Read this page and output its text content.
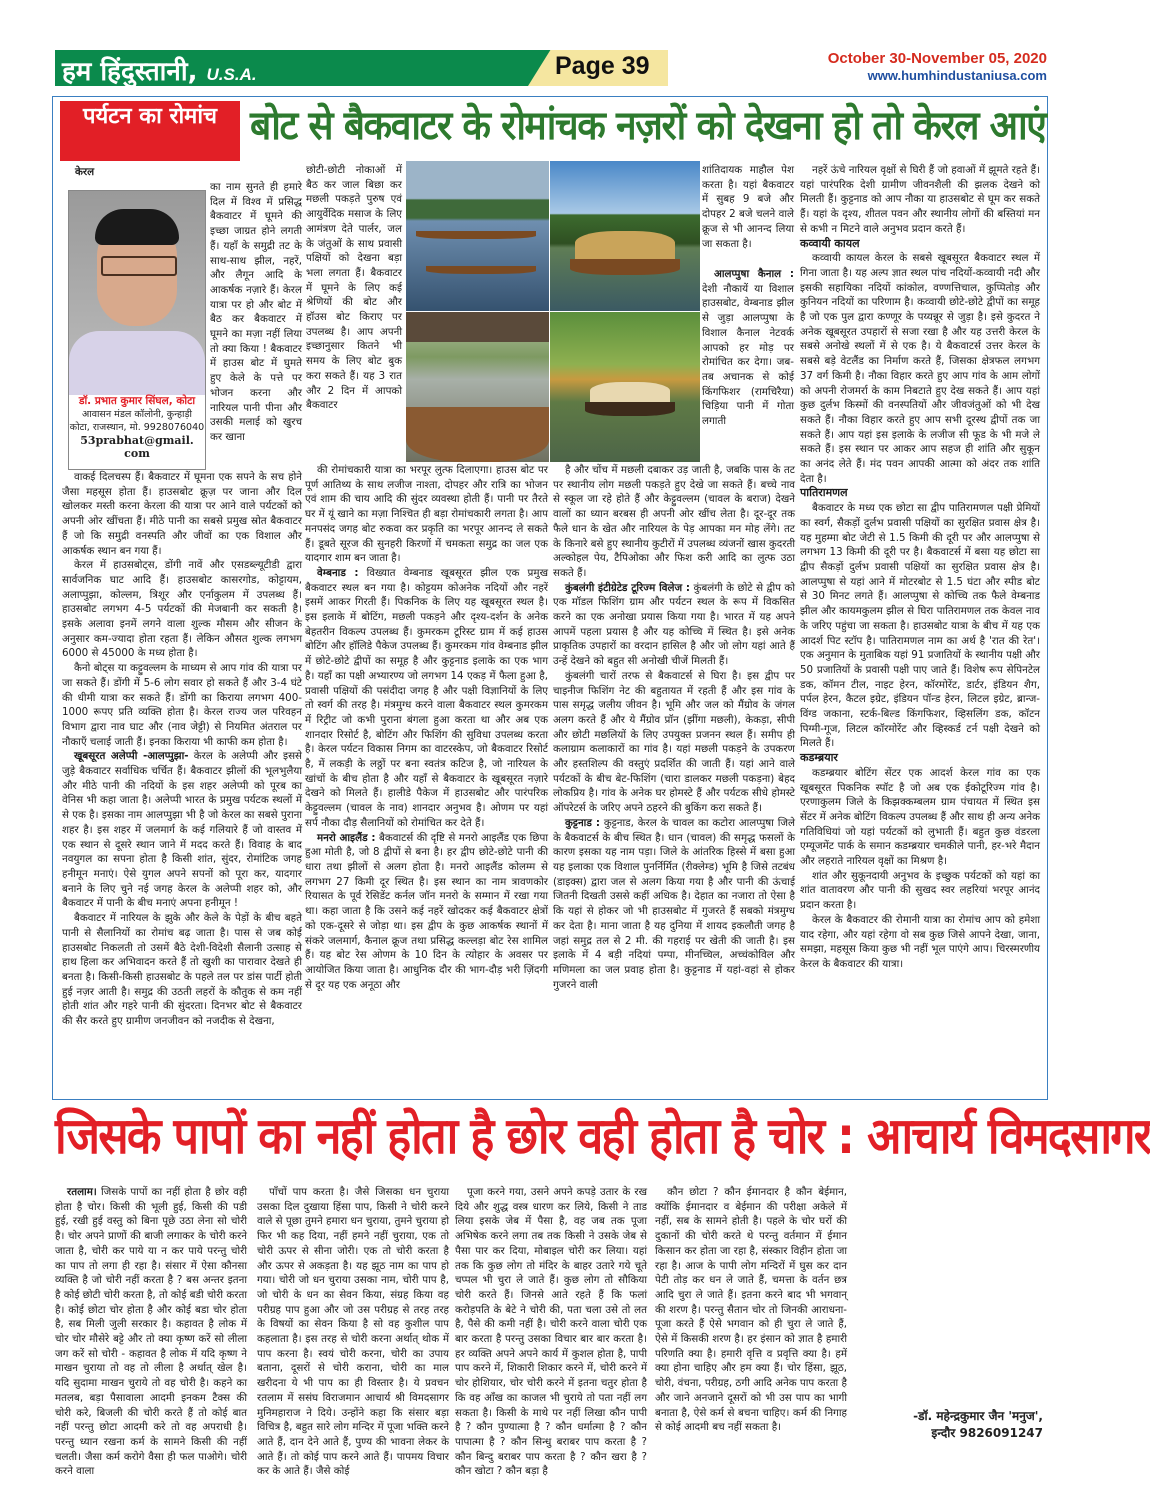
हम हिंदुस्तानी, U.S.A.	Page 39	October 30-November 05, 2020
www.humhindustaniusa.com
पर्यटन का रोमांच बोट से बैकवाटर के रोमांचक नज़रों को देखना हो तो केरल आएं
डॉ. प्रभात कुमार सिंघल, कोटा
आवासन मंडल कॉलोनी, कुन्हाड़ी
कोटा, राजस्थान, मो. 9928076040
53prabhat@gmail. com
केरल
का नाम सुनते ही हमारे दिल में विश्व में प्रसिद्ध बैकवाटर में घूमने की इच्छा जाग्रत होने लगती हैं। यहाँ के समुद्री तट के साथ-साथ झील, नहरें, और लैगून आदि के आकर्षक नज़ारे हैं। केरल यात्रा पर हो और बोट में बैठ कर बैकवाटर में घूमने का मज़ा नहीं लिया तो क्या किया ! बैकवाटर में हाउस बोट में घुमते हुए केले के पत्ते पर भोजन करना और नारियल पानी पीना और उसकी मलाई को खुरच कर खाना

वाकई दिलचस्प हैं। बैकवाटर में घूमना एक सपने के सच होने जैसा महसूस होता हैं। हाउसबोट क्रूज़ पर जाना और दिल खोलकर मस्ती करना केरला की यात्रा पर आने वाले पर्यटकों को अपनी ओर खींचता हैं। मीठे पानी का सबसे प्रमुख स्रोत बैकवाटर हैं जो कि समुद्री वनस्पति और जीवों का एक विशाल और आकर्षक स्थान बन गया हैं।

केरल में हाउसबोट्स, डोंगी नावें और एसडब्ल्यूटीडी द्वारा सार्वजनिक घाट आदि हैं। हाउसबोट कासरगोड, कोट्टायम, अलाप्पुझा, कोल्लम, त्रिशूर और एर्नाकुलम में उपलब्ध हैं। हाउसबोट लगभग 4-5 पर्यटकों की मेजबानी कर सकती है। इसके अलावा इनमें लगने वाला शुल्क मौसम और सीजन के अनुसार कम-ज्यादा होता रहता हैं। लेकिन औसत शुल्क लगभग 6000 से 45000 के मध्य होता है।

कैनो बोट्स या कट्टुवल्लम के माध्यम से आप गांव की यात्रा पर जा सकते हैं। डोंगी में 5-6 लोग सवार हो सकते हैं और 3-4 घंटे की धीमी यात्रा कर सकते हैं। डोंगी का किराया लगभग 400-1000 रूपए प्रति व्यक्ति होता है। केरल राज्य जल परिवहन विभाग द्वारा नाव घाट और (नाव जेट्टी) से नियमित अंतराल पर नौकाएँ चलाई जाती हैं। इनका किराया भी काफी कम होता है।

खूबसूरत अलेप्पी -आलप्पुझा- केरल के अलेप्पी और इससे जुड़े बैकवाटर सर्वाधिक चर्चित हैं। बैकवाटर झीलों की भूलभुलैया और मीठे पानी की नदियों के इस शहर अलेप्पी को पूरब का वेनिस भी कहा जाता है। अलेप्पी भारत के प्रमुख पर्यटक स्थलों में से एक है। इसका नाम आलप्पुझा भी है जो केरल का सबसे पुराना शहर है। इस शहर में जलमार्ग के कई गलियारे हैं जो वास्तव में एक स्थान से दूसरे स्थान जाने में मदद करते हैं। विवाह के बाद नवयुगल का सपना होता है किसी शांत, सुंदर, रोमांटिक जगह हनीमून मनाएं। ऐसे युगल अपने सपनों को पूरा कर, यादगार बनाने के लिए चुने नई जगह केरल के अलेप्पी शहर को, और बैकवाटर में पानी के बीच मनाएं अपना हनीमून !

बैकवाटर में नारियल के झुके और केले के पेड़ों के बीच बहते पानी से सैलानियों का रोमांच बढ़ जाता है। पास से जब कोई हाउसबोट निकलती तो उसमें बैठे देशी-विदेशी सैलानी उत्साह से हाथ हिला कर अभिवादन करते हैं तो खुशी का पारावार देखते ही बनता है। किसी-किसी हाउसबोट के पहले तल पर डांस पार्टी होती हुई नज़र आती है। समुद्र की उठती लहरों के कौतुक से कम नहीं होती शांत और गहरे पानी की सुंदरता। दिनभर बोट से बैकवाटर की सैर करते हुए ग्रामीण जनजीवन को नजदीक से देखना,

छोटी-छोटी नोकाओं में बैठ कर जाल बिछा कर मछली पकड़ते पुरुष एवं आयुर्वेदिक मसाज के लिए आमंत्रण देते पार्लर, जल के जंतुओं के साथ प्रवासी पक्षियों को देखना बड़ा भला लगता हैं। बैकवाटर में घूमने के लिए कई श्रेणियों की बोट और हॉउस बोट किराए पर उपलब्ध है। आप अपनी इच्छानुसार कितने भी समय के लिए बोट बुक करा सकते हैं। यह 3 रात और 2 दिन में आपको बैकवाटर

की रोमांचकारी यात्रा का भरपूर लुत्फ दिलाएगा। हाउस बोट पर पूर्ण आतिथ्य के साथ लजीज नाश्ता, दोपहर और रात्रि का भोजन एवं शाम की चाय आदि की सुंदर व्यवस्था होती हैं। पानी पर तैरते घर में यूं खाने का मज़ा निश्चित ही बड़ा रोमांचकारी लगता है। आप मनपसंद जगह बोट रुकवा कर प्रकृति का भरपूर आनन्द ले सकते हैं। डूबते सूरज की सुनहरी किरणों में चमकता समुद्र का जल एक यादगार शाम बन जाता है।

वेम्बनाड : विख्यात वेम्बनाड खूबसूरत झील एक प्रमुख बैकवाटर स्थल बन गया है। कोट्टयम कोअनेक नदियों और नहरें इसमें आकर गिरती हैं। पिकनिक के लिए यह खूबसूरत स्थल है। इस इलाके में बोटिंग, मछली पकड़ने और दृश्य-दर्शन के अनेक बेहतरीन विकल्प उपलब्ध हैं। कुमरकम टूरिस्ट ग्राम में कई हाउस बोटिंग और हॉलिडे पैकेज उपलब्ध हैं। कुमरकम गांव वेम्बनाड झील में छोटे-छोटे द्वीपों का समूह है और कुट्टनाड इलाके का एक भाग है। यहाँ का पक्षी अभ्यारण्य जो लगभग 14 एकड़ में फैला हुआ है, प्रवासी पक्षियों की पसंदीदा जगह है और पक्षी विज्ञानियों के लिए तो स्वर्ग की तरह है। मंत्रमुग्ध करने वाला बैकवाटर स्थल कुमरकम में रिट्रीट जो कभी पुराना बंगला हुआ करता था और अब एक शानदार रिसोर्ट है, बोटिंग और फिशिंग की सुविधा उपलब्ध करता है। केरल पर्यटन विकास निगम का वाटरस्केप, जो बैकवाटर रिसोर्ट है, में लकड़ी के लठ्ठों पर बना स्वतंत्र कटिज है, जो नारियल के खांचों के बीच होता है और यहाँ से बैकवाटर के खूबसूरत नज़ारे देखने को मिलते हैं। हालीडे पैकेज में हाउसबोट और पारंपरिक केट्टुवल्लम (चावल के नाव) शानदार अनुभव है। ओणम पर यहां सर्प नौका दौड़ सैलानियों को रोमांचित कर देते हैं।

मनरो आइलैंड : बैकवाटर्स की दृष्टि से मनरो आइलैंड एक छिपा हुआ मोती है, जो 8 द्वीपों से बना है। हर द्वीप छोटे-छोटे पानी की धारा तथा झीलों से अलग होता है। मनरो आइलैंड कोलम्म से लगभग 27 किमी दूर स्थित है। इस स्थान का नाम त्रावणकोर रियासत के पूर्व रेसिडेंट कर्नल जॉन मनरो के सम्मान में रखा गया था। कहा जाता है कि उसने कई नहरें खोदकर कई बैकवाटर क्षेत्रों को एक-दूसरे से जोड़ा था। इस द्वीप के कुछ आकर्षक स्थानों में संकरे जलमार्ग, कैनाल क्रूज तथा प्रसिद्ध कल्लड़ा बोट रेस शामिल हैं। यह बोट रेस ओणम के 10 दिन के त्योहार के अवसर पर आयोजित किया जाता है। आधुनिक दौर की भाग-दौड़ भरी ज़िंदगी से दूर यह एक अनूठा और

शांतिदायक माहौल पेश करता है। यहां बैकवाटर में सुबह 9 बजे और दोपहर 2 बजे चलने वाले क्रूज से भी आनन्द लिया जा सकता है।

आलप्पुषा कैनाल : देशी नौकायें या विशाल हाउसबोट, वेम्बनाड झील से जुड़ा आलप्पुषा के विशाल कैनाल नेटवर्क आपको हर मोड़ पर रोमांचित कर देगा। जब-तब अचानक से कोई किंगफिशर (रामचिरैया) चिड़िया पानी में गोता लगाती

है और चोंच में मछली दबाकर उड़ जाती है, जबकि पास के तट पर स्थानीय लोग मछली पकड़ते हुए देखे जा सकते हैं। बच्चे नाव से स्कूल जा रहे होते हैं और केट्टुवल्लम (चावल के बराज) देखने वालों का ध्यान बरबस ही अपनी ओर खींच लेता है। दूर-दूर तक फैले धान के खेत और नारियल के पेड़ आपका मन मोह लेंगे। तट के किनारे बसे हुए स्थानीय कुटीरों में उपलब्ध व्यंजनों खास कुदरती अल्कोहल पेय, टैपिओका और फिश करी आदि का लुत्फ उठा सकते हैं।

कुंबलंगी इंटीग्रेटेड टूरिज्म विलेज : कुंबलंगी के छोटे से द्वीप को एक मॉडल फिशिंग ग्राम और पर्यटन स्थल के रूप में विकसित करने का एक अनोखा प्रयास किया गया है। भारत में यह अपने आपमें पहला प्रयास है और यह कोच्चि में स्थित है। इसे अनेक प्राकृतिक उपहारों का वरदान हासिल है और जो लोग यहां आते हैं उन्हें देखने को बहुत सी अनोखी चीजें मिलती हैं।

कुंबलंगी चारों तरफ से बैकवाटर्स से घिरा है। इस द्वीप पर चाइनीज फिशिंग नेट की बहुतायत में रहती हैं और इस गांव के पास समृद्ध जलीय जीवन है। भूमि और जल को मैंग्रोव के जंगल अलग करते हैं और ये मैंग्रोव प्रॉन (झींगा मछली), केकड़ा, सीपी और छोटी मछलियों के लिए उपयुक्त प्रजनन स्थल हैं। समीप ही कलाग्राम कलाकारों का गांव है। यहां मछली पकड़ने के उपकरण और हस्तशिल्प की वस्तुएं प्रदर्शित की जाती हैं। यहां आने वाले पर्यटकों के बीच बेट-फिशिंग (चारा डालकर मछली पकड़ना) बेहद लोकप्रिय है। गांव के अनेक घर होमस्टे हैं और पर्यटक सीधे होमस्टे ऑपरेटर्स के जरिए अपने ठहरने की बुकिंग करा सकते हैं।

कुट्टनाड : कुट्टनाड, केरल के चावल का कटोरा आलप्पुषा जिले के बैकवाटर्स के बीच स्थित है। धान (चावल) की समृद्ध फसलों के कारण इसका यह नाम पड़ा। जिले के आंतरिक हिस्से में बसा हुआ यह इलाका एक विशाल पुनर्निर्मित (रीक्लेम्ड) भूमि है जिसे तटबंध (डाइक्स) द्वारा जल से अलग किया गया है और पानी की ऊंचाई जितनी दिखती उससे कहीं अधिक है। देहात का नजारा तो ऐसा है कि यहां से होकर जो भी हाउसबोट में गुजरते हैं सबको मंत्रमुग्ध कर देता है। माना जाता है यह दुनिया में शायद इकलौती जगह है जहां समुद्र तल से 2 मी. की गहराई पर खेती की जाती है। इस इलाके में 4 बड़ी नदियां पम्पा, मीनच्चिल, अच्चंकोविल और मणिमला का जल प्रवाह होता है। कुट्टनाड में यहां-वहां से होकर गुजरने वाली

नहरें ऊंचे नारियल वृक्षों से घिरी हैं जो हवाओं में झूमते रहते हैं। यहां पारंपरिक देशी ग्रामीण जीवनशैली की झलक देखने को मिलती हैं। कुट्टनाड को आप नौका या हाउसबोट से घूम कर सकते हैं। यहां के दृश्य, शीतल पवन और स्थानीय लोगों की बस्तियां मन से कभी न मिटने वाले अनुभव प्रदान करते हैं।

कव्वायी कायल

कव्वायी कायल केरल के सबसे खूबसूरत बैकवाटर स्थल में गिना जाता है। यह अल्प ज्ञात स्थल पांच नदियों-कव्वायी नदी और इसकी सहायिका नदियों कांकोल, वण्णत्तिचाल, कुप्पितोड़ और कुनियन नदियों का परिणाम है। कव्वायी छोटे-छोटे द्वीपों का समूह है जो एक पुल द्वारा कण्णूर के पय्यन्नूर से जुड़ा है। इसे कुदरत ने अनेक खूबसूरत उपहारों से सजा रखा है और यह उत्तरी केरल के सबसे अनोखे स्थलों में से एक है। ये बैकवाटर्स उत्तर केरल के सबसे बड़े वेटलैंड का निर्माण करते हैं, जिसका क्षेत्रफल लगभग 37 वर्ग किमी है। नौका विहार करते हुए आप गांव के आम लोगों को अपनी रोजमर्रा के काम निबटाते हुए देख सकते हैं। आप यहां कुछ दुर्लभ किस्मों की वनस्पतियों और जीवजंतुओं को भी देख सकते हैं। नौका विहार करते हुए आप सभी दूरस्थ द्वीपों तक जा सकते हैं। आप यहां इस इलाके के लजीज सी फूड के भी मजे ले सकते हैं। इस स्थान पर आकर आप सहज ही शांति और सुकून का अनंद लेते हैं। मंद पवन आपकी आत्मा को अंदर तक शांति देता है।

पातिरामणल

बैकवाटर के मध्य एक छोटा सा द्वीप पातिरामणल पक्षी प्रेमियों का स्वर्ग, सैकड़ों दुर्लभ प्रवासी पक्षियों का सुरक्षित प्रवास क्षेत्र है। यह मुहम्मा बोट जेटी से 1.5 किमी की दूरी पर और आलप्पुषा से लगभग 13 किमी की दूरी पर है। बैकवाटर्स में बसा यह छोटा सा द्वीप सैकड़ों दुर्लभ प्रवासी पक्षियों का सुरक्षित प्रवास क्षेत्र है। आलप्पुषा से यहां आने में मोटरबोट से 1.5 घंटा और स्पीड बोट से 30 मिनट लगते हैं। आलप्पुषा से कोच्चि तक फैले वेम्बनाड झील और कायमकुलम झील से घिरा पातिरामणल तक केवल नाव के जरिए पहुंचा जा सकता है। हाउसबोट यात्रा के बीच में यह एक आदर्श पिट स्टॉप है। पातिरामणल नाम का अर्थ है 'रात की रेत'। एक अनुमान के मुताबिक यहां 91 प्रजातियों के स्थानीय पक्षी और 50 प्रजातियों के प्रवासी पक्षी पाए जाते हैं। विशेष रूप सेपिनटेल डक, कॉमन टील, नाइट हेरन, कॉरमोरेंट, डार्टर, इंडियन शैग, पर्पल हेरन, कैटल इग्रेट, इंडियन पॉन्ड हेरन, लिटल इग्रेट, ब्रान्ज-विंग्ड जकाना, स्टर्क-बिल्ड किंगफिशर, व्हिसलिंग डक, कॉटन पिग्मी-गूज, लिटल कॉरमोरेंट और व्हिस्कर्ड टर्न पक्षी देखने को मिलते हैं।

कडम्ब्रयार

कडम्ब्रयार बोटिंग सेंटर एक आदर्श केरल गांव का एक खूबसूरत पिकनिक स्पॉट है जो अब एक ईकोटूरिज्म गांव है। एरणाकुलम जिले के किझक्कम्बलम ग्राम पंचायत में स्थित इस सेंटर में अनेक बोटिंग विकल्प उपलब्ध हैं और साथ ही अन्य अनेक गतिविधियां जो यहां पर्यटकों को लुभाती हैं। बहुत कुछ वंडरला एम्यूजमेंट पार्क के समान कडम्ब्रयार चमकीले पानी, हर-भरे मैदान और लहराते नारियल वृक्षों का मिश्रण है।

शांत और सुकूनदायी अनुभव के इच्छुक पर्यटकों को यहां का शांत वातावरण और पानी की सुखद स्वर लहरियां भरपूर आनंद प्रदान करता है।

केरल के बैकवाटर की रोमानी यात्रा का रोमांच आप को हमेशा याद रहेगा, और यहां रहेगा वो सब कुछ जिसे आपने देखा, जाना, समझा, महसूस किया कुछ भी नहीं भूल पाएंगे आप। चिरस्मरणीय केरल के बैकवाटर की यात्रा।

जिसके पापों का नहीं होता है छोर वही होता है चोर : आचार्य विमदसागर

रतलाम। जिसके पापों का नहीं होता है छोर वही होता है चोर। किसी की भूली हुई, किसी की पडी हुई, रखी हुई वस्तु को बिना पूछे उठा लेना सो चोरी है। चोर अपने प्राणों की बाजी लगाकर के चोरी करने जाता है, चोरी कर पाये या न कर पाये परन्तु चोरी का पाप तो लगा ही रहा है। संसार में ऐसा कौनसा व्यक्ति है जो चोरी नहीं करता है ? बस अन्तर इतना है कोई छोटी चोरी करता है, तो कोई बडी चोरी करता है। कोई छोटा चोर होता है और कोई बडा चोर होता है, सब मिली जुली सरकार है। कहावत है लोक में चोर चोर मौसेरे बट्टे और तो क्या कृष्ण करें सो लीला जग करें सो चोरी - कहावत है लोक में यदि कृष्ण ने माखन चुराया तो वह तो लीला है अर्थात् खेल है। यदि सुदामा माखन चुराये तो वह चोरी है। कहने का मतलब, बड़ा पैसावाला आदमी इनकम टैक्स की चोरी करे, बिजली की चोरी करते हैं तो कोई बात नहीं परन्तु छोटा आदमी करे तो वह अपराधी है। परन्तु ध्यान रखना कर्म के सामने किसी की नहीं चलती। जैसा कर्म करोगे वैसा ही फल पाओगे। चोरी करने वाला

पाँचों पाप करता है। जैसे जिसका धन चुराया उसका दिल दुखाया हिंसा पाप, किसी ने चोरी करने वाले से पूछा तुमने हमारा धन चुराया, तुमने चुराया हो फिर भी कह दिया, नहीं हमने नहीं चुराया, एक तो चोरी ऊपर से सीना जोरी। एक तो चोरी करता है और ऊपर से अकड़ता है। यह झूठ नाम का पाप हो गया। चोरी जो धन चुराया उसका नाम, चोरी पाप है, जो चोरी के धन का सेवन किया, संग्रह किया वह परीग्रह पाप हुआ और जो उस परीग्रह से तरह तरह के विषयों का सेवन किया है सो वह कुशील पाप कहलाता है। इस तरह से चोरी करना अर्थात् थोक में पाप करना है। स्वयं चोरी करना, चोरी का उपाय बताना, दूसरों से चोरी कराना, चोरी का माल खरीदना ये भी पाप का ही विस्तार है। ये प्रवचन रतलाम में ससंघ विराजमान आचार्य श्री विमदसागर मुनिमहाराज ने दिये। उन्होंने कहा कि संसार बड़ा विचित्र है, बहुत सारे लोग मन्दिर में पूजा भक्ति करने आते हैं, दान देने आते हैं, पुण्य की भावना लेकर के आते हैं। तो कोई पाप करने आते हैं। पापमय विचार कर के आते हैं। जैसे कोई

पूजा करने गया, उसने अपने कपड़े उतार के रख दिये और शुद्ध वस्त्र धारण कर लिये, किसी ने ताड लिया इसके जेब में पैसा है, वह जब तक पूजा अभिषेक करने लगा तब तक किसी ने उसके जेब से पैसा पार कर दिया, मोबाइल चोरी कर लिया। यहां तक कि कुछ लोग तो मंदिर के बाहर उतारे गये चूते चप्पल भी चुरा ले जाते हैं। कुछ लोग तो सौकिया चोरी करते हैं। जिनसे आते रहते हैं कि फलां करोड़पति के बेटे ने चोरी की, पता चला उसे तो लत है, पैसे की कमी नहीं है। चोरी करने वाला चोरी एक बार करता है परन्तु उसका विचार बार बार करता है। हर व्यक्ति अपने अपने कार्य में कुशल होता है, पापी पाप करने में, शिकारी शिकार करने में, चोरी करने में चोर होशियार, चोर चोरी करने में इतना चतुर होता है कि वह आँख का काजल भी चुराये तो पता नहीं लग सकता है। किसी के माथे पर नहीं लिखा कौन पापी है ? कौन पुण्यात्मा है ? कौन धर्मात्मा है ? कौन पापात्मा है ? कौन सिन्धु बराबर पाप करता है ? कौन बिन्दु बराबर पाप करता है ? कौन खरा है ? कौन खोटा ? कौन बड़ा है

कौन छोटा ? कौन ईमानदार है कौन बेईमान, क्योंकि ईमानदार व बेईमान की परीक्षा अकेले में नहीं, सब के सामने होती है। पहले के चोर घरों की दुकानों की चोरी करते थे परन्तु वर्तमान में ईमान किसान कर होता जा रहा है, संस्कार विहीन होता जा रहा है। आज के पापी लोग मन्दिरों में घुस कर दान पेटी तोड़ कर धन ले जाते हैं, चमत्ता के वर्तन छत्र आदि चुरा ले जाते हैं। इतना करने बाद भी भगवान् की शरण है। परन्तु सैतान चोर तो जिनकी आराधना-पूजा करते हैं ऐसे भगवान को ही चुरा ले जाते हैं, ऐसे में किसकी शरण है। हर इंसान को ज्ञात है हमारी परिणति क्या है। हमारी वृत्ति व प्रवृत्ति क्या है। हमें क्या होना चाहिए और हम क्या हैं। चोर हिंसा, झूठ, चोरी, वंचना, परीग्रह, ठगी आदि अनेक पाप करता है और जाने अनजाने दूसरों को भी उस पाप का भागी बनाता है, ऐसे कर्म से बचना चाहिए। कर्म की निगाह से कोई आदमी बच नहीं सकता है।

-डॉ. महेन्द्रकुमार जैन 'मनुज',
इन्दौर 9826091247
